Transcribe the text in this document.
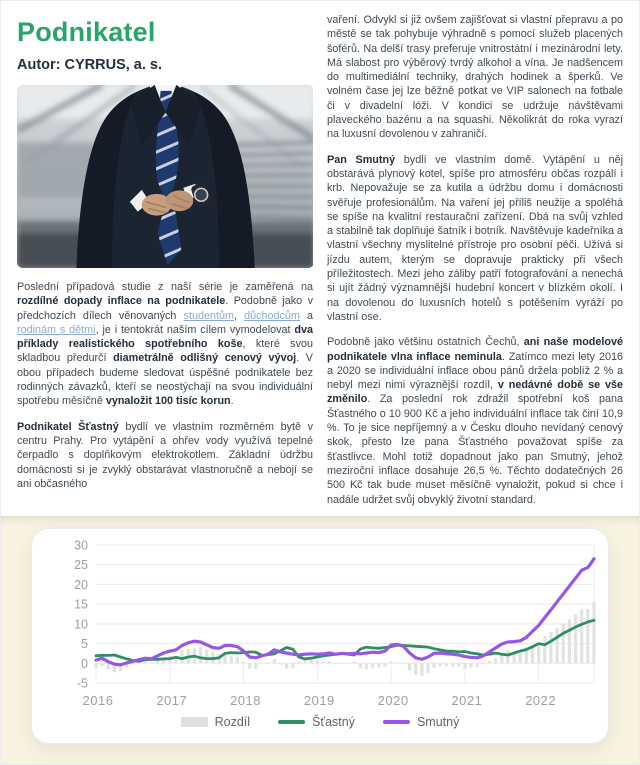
Podnikatel
Autor: CYRRUS, a. s.

Poslední případová studie z naší série je zaměřená na rozdílné dopady inflace na podnikatele. Podobně jako v předchozích dílech věnovaných studentům, důchodcům a rodinám s dětmi, je i tentokrát naším cílem vymodelovat dva příklady realistického spotřebního koše, které svou skladbou předurčí diametrálně odlišný cenový vývoj. V obou případech budeme sledovat úspěšné podnikatele bez rodinných závazků, kteří se neostýchají na svou individuální spotřebu měsíčně vynaložit 100 tisíc korun.

Podnikatel Šťastný bydlí ve vlastním rozměrném bytě v centru Prahy. Pro vytápění a ohřev vody využívá tepelné čerpadlo s doplňkovým elektrokotlem. Základní údržbu domácnosti si je zvyklý obstarávat vlastnoručně a nebojí se ani občasného

vaření. Odvykl si již ovšem zajišťovat si vlastní přepravu a po městě se tak pohybuje výhradně s pomocí služeb placených šoférů. Na delší trasy preferuje vnitrostátní i mezinárodní lety. Má slabost pro výběrový tvrdý alkohol a vína. Je nadšencem do multimediální techniky, drahých hodinek a šperků. Ve volném čase jej lze běžně potkat ve VIP salonech na fotbale či v divadelní lóži. V kondici se udržuje návštěvami plaveckého bazénu a na squashi. Několikrát do roka vyrazí na luxusní dovolenou v zahraničí.

Pan Smutný bydlí ve vlastním domě. Vytápění u něj obstarává plynový kotel, spíše pro atmosféru občas rozpálí i krb. Nepovažuje se za kutila a údržbu domu i domácnosti svěřuje profesionálům. Na vaření jej příliš neužije a spoléhá se spíše na kvalitní restaurační zařízení. Dbá na svůj vzhled a stabilně tak doplňuje šatník i botník. Navštěvuje kadeřníka a vlastní všechny myslitelné přístroje pro osobní péči. Užívá si jízdu autem, kterým se dopravuje prakticky při všech příležitostech. Mezi jeho záliby patří fotografování a nenechá si ujít žádný významnější hudební koncert v blízkém okolí. I na dovolenou do luxusních hotelů s potěšením vyráží po vlastní ose.

Podobně jako většinu ostatních Čechů, ani naše modelové podnikatele vlna inflace neminula. Zatímco mezi lety 2016 a 2020 se individuální inflace obou pánů držela poblíž 2 % a nebyl mezi nimi výraznější rozdíl, v nedávné době se vše změnilo. Za poslední rok zdražil spotřební koš pana Šťastného o 10 900 Kč a jeho individuální inflace tak činí 10,9 %. To je sice nepříjemný a v Česku dlouho nevídaný cenový skok, přesto lze pana Šťastného považovat spíše za šťastlivce. Mohl totiž dopadnout jako pan Smutný, jehož meziroční inflace dosahuje 26,5 %. Těchto dodatečných 26 500 Kč tak bude muset měsíčně vynaložit, pokud si chce i nadále udržet svůj obvyklý životní standard.

30
25
20
15
10
5
0
-5
2016	2017	2018	2019	2020	2021	2022
Rozdíl	Šťastný	Smutný
